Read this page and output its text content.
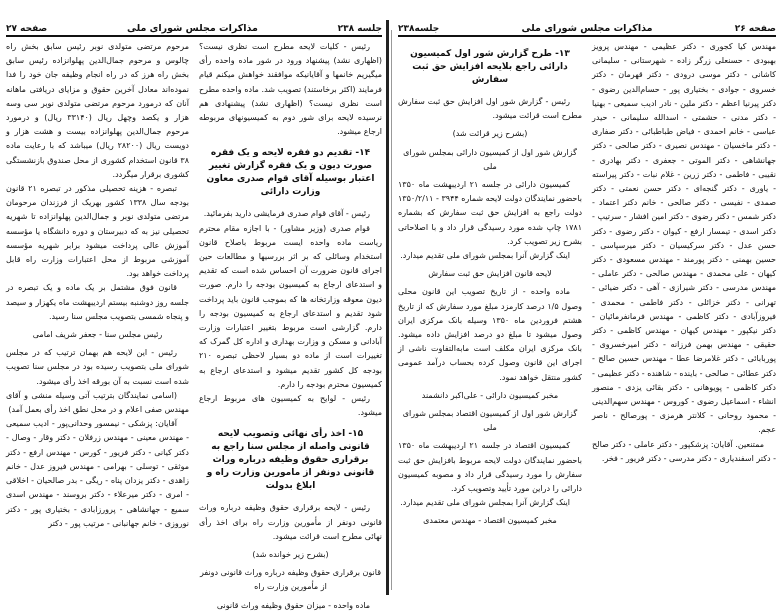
صفحه ۲۷	مذاکرات مجلس شورای ملی	جلسه ۲۳۸

رئیس - کلیات لایحه مطرح است نظری نیست؟ (اظهاری نشد) پیشنهاد ورود در شور ماده واحده رأی میگیریم خانمها و آقایانیکه موافقند خواهش میکنم قیام فرمایند (اکثر برخاستند) تصویب شد. ماده واحده مطرح است نظری نیست؟ (اظهاری نشد) پیشنهادی هم نرسیده لایحه برای شور دوم به کمیسیونهای مربوطه ارجاع میشود.

۱۴- تقدیم دو فقره لایحه و یک فقره صورت دیون و یک فقره گزارش تغییر اعتبار بوسیله آقای قوام صدری معاون وزارت دارائی

رئیس - آقای قوام صدری فرمایشی دارید بفرمائید.

قوام صدری (وزیر مشاور) - با اجازه مقام محترم ریاست ماده واحده ایست مربوط باصلاح قانون استخدام وسائلی که بر اثر بررسیها و مطالعات حین اجرای قانون ضرورت آن احساس شده است که تقدیم و استدعای ارجاع به کمیسیون بودجه را دارم. صورت دیون معوقه وزارتخانه ها که بموجب قانون باید پرداخت شود تقدیم و استدعای ارجاع به کمیسیون بودجه را دارم. گزارشی است مربوط بتغییر اعتبارات وزارت آبادانی و مسکن و وزارت بهداری و اداره کل گمرک که تغییرات است از ماده دو بسیار لاحظی تبصره ۲۱۰ بودجه کل کشور تقدیم میشود و استدعای ارجاع به کمیسیون محترم بودجه را دارم.

رئیس - لوایح به کمیسیون های مربوط ارجاع میشود.

۱۵- اخذ رأی نهائی وتصویب لایحه قانونی واصله از مجلس سنا راجع به برقراری حقوق وظیفه درباره وراث قانونی دونفر از مامورین وزارت راه و ابلاغ بدولت

رئیس - لایحه برقراری حقوق وظیفه درباره وراث قانونی دونفر از مأمورین وزارت راه برای اخذ رأی نهائی مطرح است قرائت میشود.

(بشرح زیر خوانده شد)

قانون برقراری حقوق وظیفه درباره وراث قانونی دونفر از مأمورین وزارت راه

ماده واحده - میزان حقوق وظیفه وراث قانونی

مرحوم مرتضی متولدی نوبر رئیس سابق بخش راه چالوس و مرحوم جمال‌الدین پهلوانزاده رئیس سابق بخش راه هرز که در راه انجام وظیفه جان خود را فدا نموده‌اند معادل آخرین حقوق و مزایای دریافتی ماهانه آنان که درمورد مرحوم مرتضی متولدی نوبر سی وسه هزار و یکصد وچهل ریال (۳۳۱۴۰ ریال) و درمورد مرحوم جمال‌الدین پهلوانزاده بیست و هشت هزار و دویست ریال (۲۸۲۰۰ ریال) میباشد که با رعایت ماده ۳۸ قانون استخدام کشوری از محل صندوق بازنشستگی کشوری برقرار میگردد.

تبصره - هزینه تحصیلی مذکور در تبصره ۲۱ قانون بودجه سال ۱۳۳۸ کشور بهریک از فرزندان مرحومان مرتضی متولدی نوبر و جمال‌الدین پهلوانزاده تا شهریه تحصیلی نیز به که دبیرستان و دوره دانشگاه یا مؤسسه آموزش عالی پرداخت میشود برابر شهریه مؤسسه آموزشی مربوط از محل اعتبارات وزارت راه قابل پرداخت خواهد بود.

قانون فوق مشتمل بر یک ماده و یک تبصره در جلسه روز دوشنبه بیستم اردیبهشت ماه یکهزار و سیصد و پنجاه شمسی بتصویب مجلس سنا رسید.

رئیس مجلس سنا - جعفر شریف امامی

رئیس - این لایحه هم بهمان ترتیب که در مجلس شورای ملی بتصویب رسیده بود در مجلس سنا تصویب شده است نسبت به آن بورقه اخذ رأی میشود.

(اسامی نمایندگان بترتیب آتی وسیله منشی و آقای مهندس صفی اعلام و در محل نطق اخذ رأی بعمل آمد)

آقایان: پزشکی - نیمسور وحدانی‌پور - ادیب سمیعی - مهندس معینی - مهندس زرفلان - دکتر وقار - وصال - دکتر کیانی - دکتر فریور - کورس - مهندس ارفع - دکتر موثقی - توسلی - بهرامی - مهندس فیروز عدل - خانم زاهدی - دکتر یزدان پناه - ریگی - بدر صالحیان - اخلاقی - امری - دکتر میرعلاء - دکتر بروسند - مهندس اسدی سمیع - جهانشاهی - پرورزابادی - بختیاری پور - دکتر نوروزی - خانم جهانبانی - مرتیب پور - دکتر

جلسه۲۳۸	مذاکرات مجلس شورای ملی	صفحه ۲۶

مهندس کیا کجوری - دکتر عظیمی - مهندس پرویز بهبودی - حسنعلی زرگر زاده - شهرستانی - سلیمانی کاشانی - دکتر موسی درودی - دکتر قهرمان - دکتر خسروی - جوادی - بختیاری پور - حسام‌الدین رضوی - دکتر پیرنیا اعظم - دکتر ملین - نادر ادیب سمیعی - بهنیا - دکتر مدنی - حشمتی - اسدالله سلیمانی - حیدر عباسی - خانم احمدی - فیاض طباطبائی - دکتر صفاری - دکتر ماخسیان - مهندس نصیری - دکتر صالحی - دکتر جهانشاهی - دکتر الموتی - جعفری - دکتر بهادری - نقیبی - فاطمی - دکتر زرین - غلام نبات - دکتر پیراسته - یاوری - دکتر گنجه‌ای - دکتر حسن نعمتی - دکتر صمدی - نفیسی - دکتر صالحی - خانم دکتر اعتماد - دکتر شمس - دکتر رضوی - دکتر امین افشار - سرتیپ - دکتر اسدی - تیمسار ارفع - کیوان - دکتر رضوی - دکتر حسن عدل - دکتر سرکیسیان - دکتر میرسپاسی - حسین بهمنی - دکتر پورمند - مهندس مسعودی - دکتر کیهان - علی محمدی - مهندس صالحی - دکتر عاملی - مهندس مدرسی - دکتر شیرازی - آهی - دکتر ضیائی - تهرانی - دکتر خزائلی - دکتر فاطمی - محمدی - فیروزآبادی - دکتر کاظمی - مهندس فرمانفرمائیان - دکتر نیکپور - مهندس کیهان - مهندس کاظمی - دکتر حقیقی - مهندس بهمن فرزانه - دکتر امیرخسروی - پوربابائی - دکتر غلامرضا عطا - مهندس حسین صالح - دکتر عطائی - صالحی - باینده - شاهنده - دکتر عظیمی - دکتر کاظمی - پویوهانی - دکتر بقائی یزدی - منصور انشاء - اسماعیل رضوی - کوروس - مهندس سهم‌الدینی - محمود روحانی - کلانتر هرمزی - پورصالح - ناصر عجم.

ممتنعین. آقایان: پزشکپور - دکتر عاملی - دکتر صالح - دکتر اسفندیاری - دکتر مدرسی - دکتر فریور - فخر.

۱۳- طرح گزارش شور اول کمیسیون دارائی راجع بلایحه افزایش حق ثبت سفارش

رئیس - گزارش شور اول افزایش حق ثبت سفارش مطرح است قرائت میشود.

(بشرح زیر قرائت شد)

گزارش شور اول از کمیسیون دارائی بمجلس شورای ملی

کمیسیون دارائی در جلسه ۲۱ اردیبهشت ماه ۱۳۵۰ باحضور نمایندگان دولت لایحه شماره ۳۹۴۴ - ۱۳۵۰/۲/۱۱ دولت راجع به افزایش حق ثبت سفارش که بشماره ۱۷۸۱ چاپ شده مورد رسیدگی قرار داد و با اصلاحاتی بشرح زیر تصویب کرد.

اینک گزارش آنرا بمجلس شورای ملی تقدیم میدارد.

لایحه قانون افزایش حق ثبت سفارش

ماده واحده - از تاریخ تصویب این قانون محلی وصول ۱/۵ درصد کارمزد مبلغ مورد سفارش که از تاریخ هشتم فروردین ماه ۱۳۵۰ وسیله بانک مرکزی ایران وصول میشود تا مبلغ دو درصد افزایش داده میشود. بانک مرکزی ایران مکلف است مابه‌التفاوت ناشی از اجرای این قانون وصول کرده بحساب درآمد عمومی کشور منتقل خواهد نمود.

مخبر کمیسیون دارائی - علی‌اکبر دانشمند

گزارش شور اول از کمیسیون اقتصاد بمجلس شورای ملی

کمیسیون اقتصاد در جلسه ۲۱ اردیبهشت ماه ۱۳۵۰ باحضور نمایندگان دولت لایحه مربوط بافزایش حق ثبت سفارش را مورد رسیدگی قرار داد و مصوبه کمیسیون دارائی را دراین مورد تأیید وتصویب کرد.

اینک گزارش آنرا بمجلس شورای ملی تقدیم میدارد.

مخبر کمیسیون اقتصاد - مهندس معتمدی
